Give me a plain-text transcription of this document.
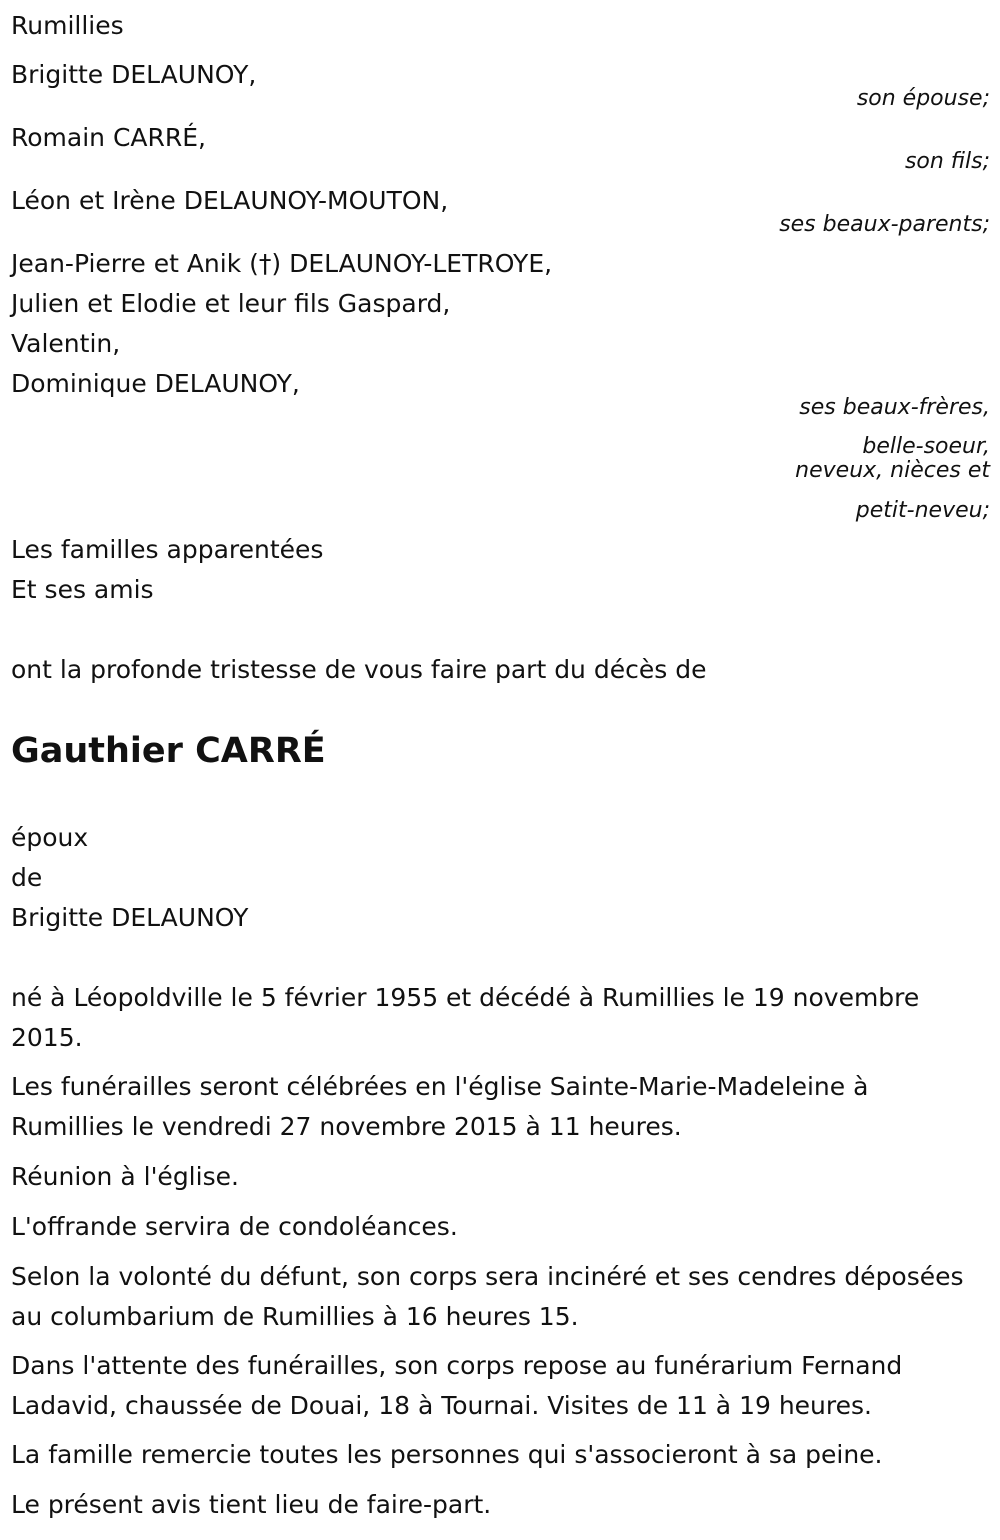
Rumillies
Brigitte DELAUNOY,
son épouse;
Romain CARRÉ,
son fils;
Léon et Irène DELAUNOY-MOUTON,
ses beaux-parents;
Jean-Pierre et Anik (†) DELAUNOY-LETROYE,
Julien et Elodie et leur fils Gaspard,
Valentin,
Dominique DELAUNOY,
ses beaux-frères,
belle-soeur,
neveux, nièces et
petit-neveu;
Les familles apparentées
Et ses amis
ont la profonde tristesse de vous faire part du décès de
Gauthier CARRÉ
époux
de
Brigitte DELAUNOY
né à Léopoldville le 5 février 1955 et décédé à Rumillies le 19 novembre 2015.
Les funérailles seront célébrées en l'église Sainte-Marie-Madeleine à Rumillies le vendredi 27 novembre 2015 à 11 heures.
Réunion à l'église.
L'offrande servira de condoléances.
Selon la volonté du défunt, son corps sera incinéré et ses cendres déposées au columbarium de Rumillies à 16 heures 15.
Dans l'attente des funérailles, son corps repose au funérarium Fernand Ladavid, chaussée de Douai, 18 à Tournai. Visites de 11 à 19 heures.
La famille remercie toutes les personnes qui s'associeront à sa peine.
Le présent avis tient lieu de faire-part.
